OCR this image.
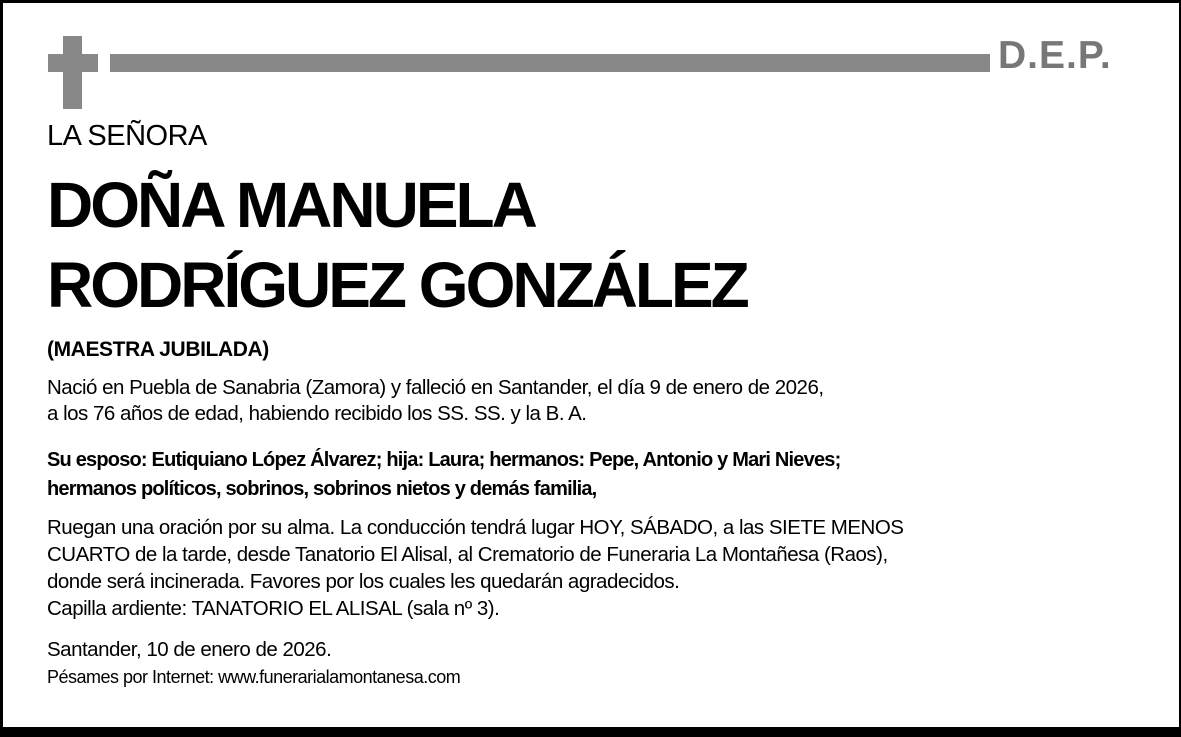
D.E.P.
LA SEÑORA
DOÑA MANUELA
RODRÍGUEZ GONZÁLEZ
(MAESTRA JUBILADA)
Nació en Puebla de Sanabria (Zamora) y falleció en Santander, el día 9 de enero de 2026,
a los 76 años de edad, habiendo recibido los SS. SS. y la B. A.
Su esposo: Eutiquiano López Álvarez; hija: Laura; hermanos: Pepe, Antonio y Mari Nieves;
hermanos políticos, sobrinos, sobrinos nietos y demás familia,
Ruegan una oración por su alma. La conducción tendrá lugar HOY, SÁBADO, a las SIETE MENOS
CUARTO de la tarde, desde Tanatorio El Alisal, al Crematorio de Funeraria La Montañesa (Raos),
donde será incinerada. Favores por los cuales les quedarán agradecidos.
Capilla ardiente: TANATORIO EL ALISAL (sala nº 3).
Santander, 10 de enero de 2026.
Pésames por Internet: www.funerarialamontanesa.com
